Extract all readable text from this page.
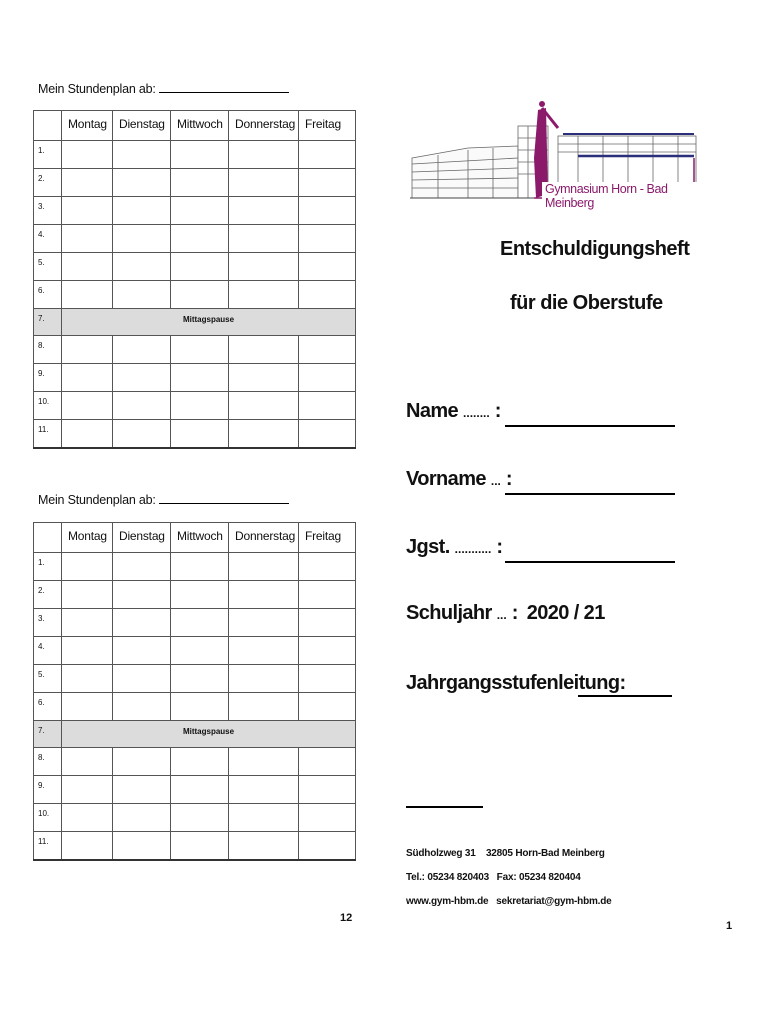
Mein Stundenplan ab:
	Montag	Dienstag	Mittwoch	Donnerstag	Freitag
1.					
2.					
3.					
4.					
5.					
6.					
7.	Mittagspause				
8.					
9.					
10.					
11.					
Mein Stundenplan ab:
	Montag	Dienstag	Mittwoch	Donnerstag	Freitag
1.					
2.					
3.					
4.					
5.					
6.					
7.	Mittagspause				
8.					
9.					
10.					
11.					
12
Gymnasium Horn - Bad Meinberg
Entschuldigungsheft
für die Oberstufe
Name ........ :
Vorname ... :
Jgst. ........... :
Schuljahr ... : 2020 / 21
Jahrgangsstufenleitung:
Südholzweg 31    32805 Horn-Bad Meinberg
Tel.: 05234 820403   Fax: 05234 820404
www.gym-hbm.de   sekretariat@gym-hbm.de
1
